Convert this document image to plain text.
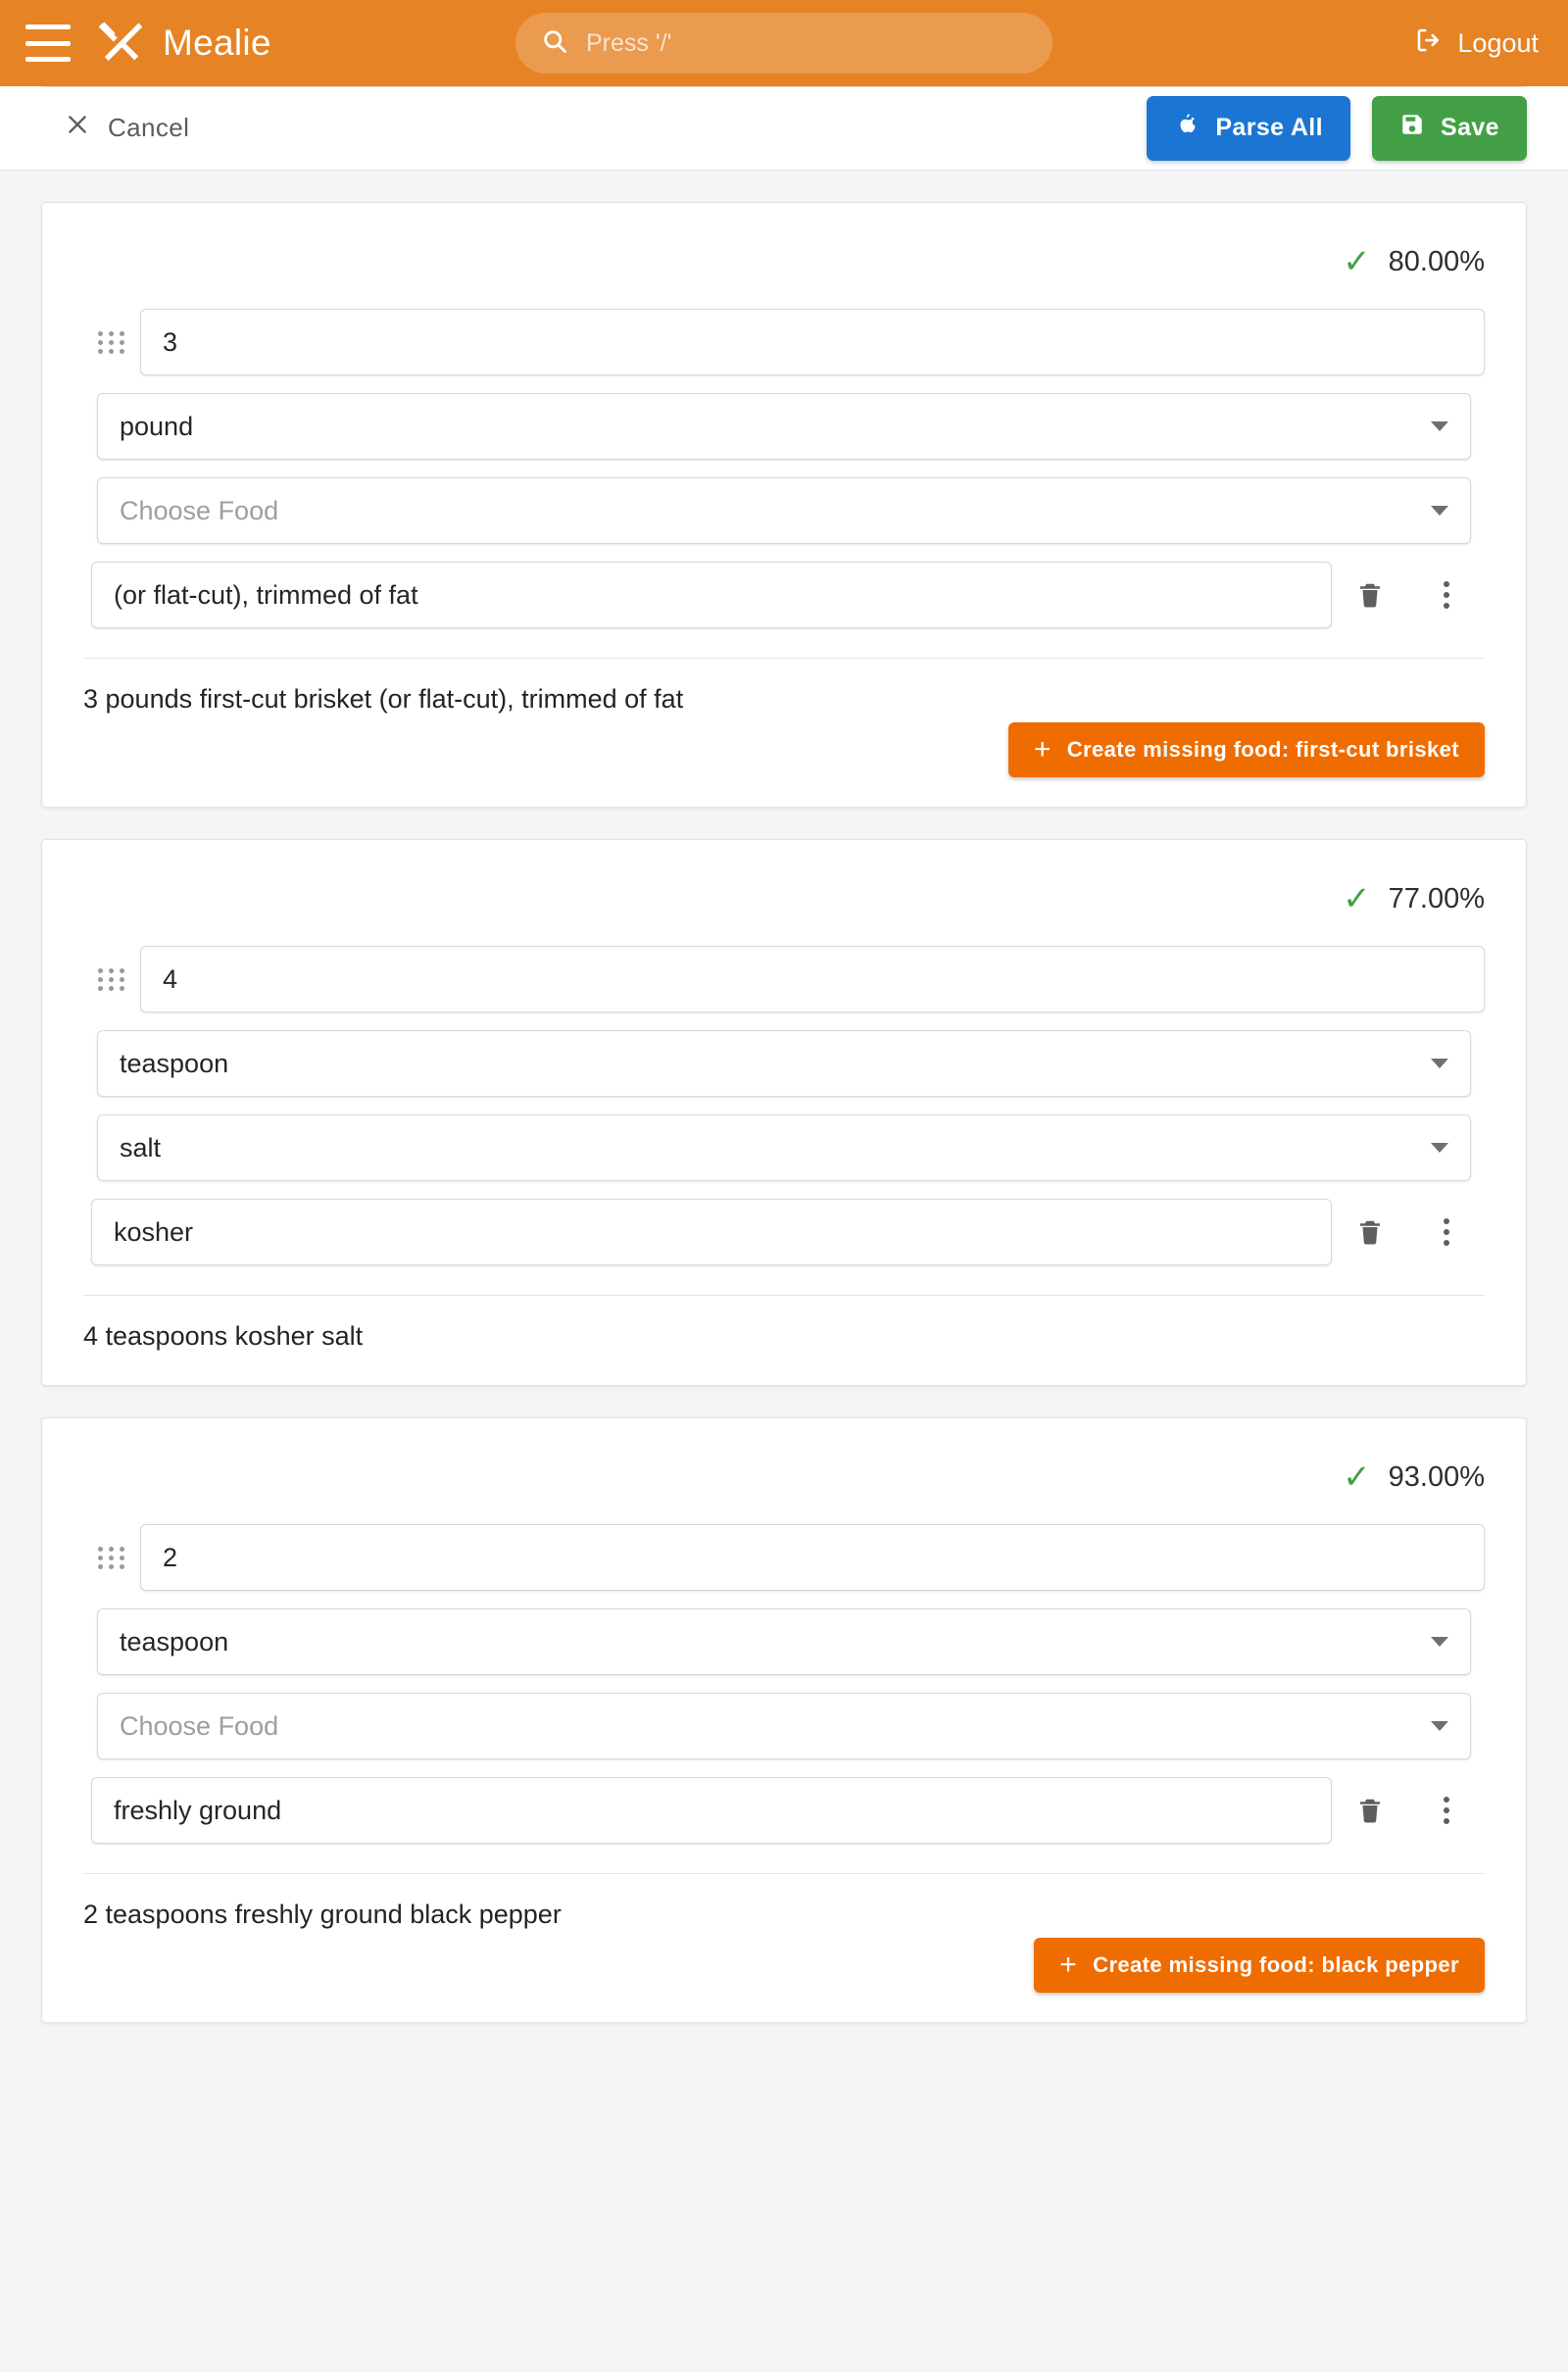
Mealie
Press '/'	Logout
Cancel	Parse All	Save
✓ 80.00%
3
pound
Choose Food
(or flat-cut), trimmed of fat
3 pounds first-cut brisket (or flat-cut), trimmed of fat
+ Create missing food: first-cut brisket
✓ 77.00%
4
teaspoon
salt
kosher
4 teaspoons kosher salt
✓ 93.00%
2
teaspoon
Choose Food
freshly ground
2 teaspoons freshly ground black pepper
+ Create missing food: black pepper
